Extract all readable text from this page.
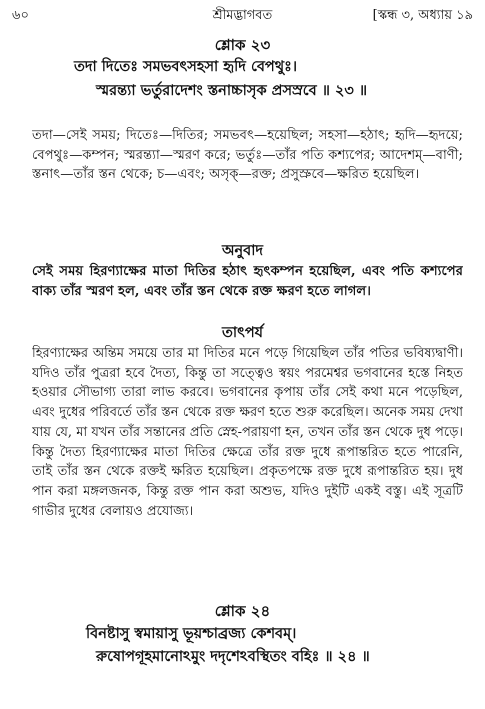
৬০	শ্রীমদ্ভাগবত	[স্কন্ধ ৩, অধ্যায় ১৯
শ্লোক ২৩
তদা দিতেঃ সমভবৎসহসা হৃদি বেপথুঃ।
স্মরন্ত্যা ভর্তুরাদেশং স্তনাচ্চাসৃক প্রসস্রবে ॥ ২৩ ॥
তদা—সেই সময়; দিতেঃ—দিতির; সমভবৎ—হয়েছিল; সহসা—হঠাৎ; হৃদি—হৃদয়ে; বেপথুঃ—কম্পন; স্মরন্ত্যা—স্মরণ করে; ভর্তুঃ—তাঁর পতি কশ্যপের; আদেশম্—বাণী; স্তনাৎ—তাঁর স্তন থেকে; চ—এবং; অসৃক্—রক্ত; প্রসুস্রুবে—ক্ষরিত হয়েছিল।
অনুবাদ
সেই সময় হিরণ্যাক্ষের মাতা দিতির হঠাৎ হৃৎকম্পন হয়েছিল, এবং পতি কশ্যপের বাক্য তাঁর স্মরণ হল, এবং তাঁর স্তন থেকে রক্ত ক্ষরণ হতে লাগল।
তাৎপর্য
হিরণ্যাক্ষের অন্তিম সময়ে তার মা দিতির মনে পড়ে গিয়েছিল তাঁর পতির ভবিষ্যদ্বাণী। যদিও তাঁর পুত্ররা হবে দৈত্য, কিন্তু তা সত্ত্বেও স্বয়ং পরমেশ্বর ভগবানের হস্তে নিহত হওয়ার সৌভাগ্য তারা লাভ করবে। ভগবানের কৃপায় তাঁর সেই কথা মনে পড়েছিল, এবং দুধের পরিবর্তে তাঁর স্তন থেকে রক্ত ক্ষরণ হতে শুরু করেছিল। অনেক সময় দেখা যায় যে, মা যখন তাঁর সন্তানের প্রতি স্নেহ-পরায়ণা হন, তখন তাঁর স্তন থেকে দুধ পড়ে। কিন্তু দৈত্য হিরণ্যাক্ষের মাতা দিতির ক্ষেত্রে তাঁর রক্ত দুধে রূপান্তরিত হতে পারেনি, তাই তাঁর স্তন থেকে রক্তই ক্ষরিত হয়েছিল। প্রকৃতপক্ষে রক্ত দুধে রূপান্তরিত হয়। দুধ পান করা মঙ্গলজনক, কিন্তু রক্ত পান করা অশুভ, যদিও দুইটি একই বস্তু। এই সূত্রটি গাভীর দুধের বেলায়ও প্রযোজ্য।
শ্লোক ২৪
বিনষ্টাসু স্বমায়াসু ভূয়শ্চাব্রজ্য কেশবম্।
রুষোপগূহমানোঽমুং দদৃশেঽবস্থিতং বহিঃ ॥ ২৪ ॥
